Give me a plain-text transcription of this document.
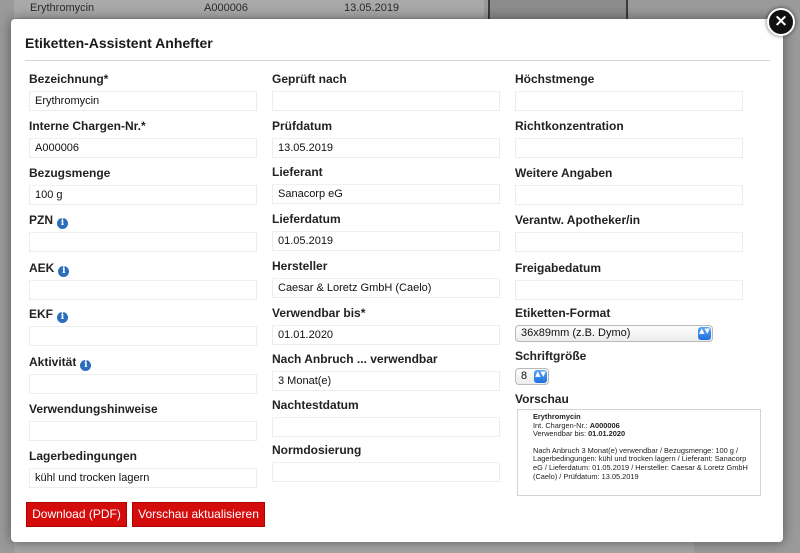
Erythromycin	A000006	13.05.2019
Etiketten-Assistent Anhefter
Bezeichnung*
Erythromycin
Interne Chargen-Nr.*
A000006
Bezugsmenge
100 g
PZN i
AEK i
EKF i
Aktivität i
Verwendungshinweise
Lagerbedingungen
kühl und trocken lagern
Geprüft nach
Prüfdatum
13.05.2019
Lieferant
Sanacorp eG
Lieferdatum
01.05.2019
Hersteller
Caesar & Loretz GmbH (Caelo)
Verwendbar bis*
01.01.2020
Nach Anbruch ... verwendbar
3 Monat(e)
Nachtestdatum
Normdosierung
Höchstmenge
Richtkonzentration
Weitere Angaben
Verantw. Apotheker/in
Freigabedatum
Etiketten-Format
36x89mm (z.B. Dymo)	▲▼
Schriftgröße
8 ▲▼
Vorschau
Erythromycin
Int. Chargen-Nr.: A000006
Verwendbar bis: 01.01.2020
Nach Anbruch 3 Monat(e) verwendbar / Bezugsmenge: 100 g / Lagerbedingungen: kühl und trocken lagern / Lieferant: Sanacorp eG / Lieferdatum: 01.05.2019 / Hersteller: Caesar & Loretz GmbH (Caelo) / Prüfdatum: 13.05.2019
Download (PDF)	Vorschau aktualisieren
×
